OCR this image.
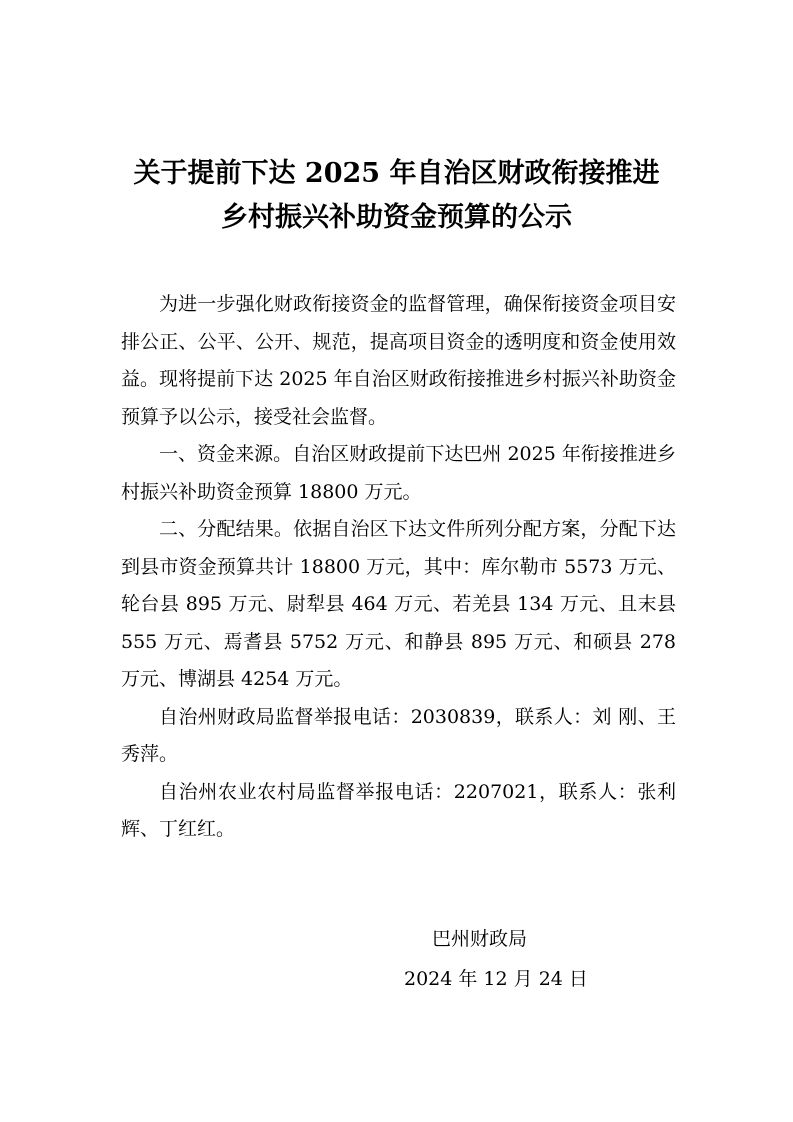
关于提前下达 2025 年自治区财政衔接推进
乡村振兴补助资金预算的公示

为进一步强化财政衔接资金的监督管理，确保衔接资金项目安排公正、公平、公开、规范，提高项目资金的透明度和资金使用效益。现将提前下达 2025 年自治区财政衔接推进乡村振兴补助资金预算予以公示，接受社会监督。

一、资金来源。自治区财政提前下达巴州 2025 年衔接推进乡村振兴补助资金预算 18800 万元。

二、分配结果。依据自治区下达文件所列分配方案，分配下达到县市资金预算共计 18800 万元，其中：库尔勒市 5573 万元、轮台县 895 万元、尉犁县 464 万元、若羌县 134 万元、且末县 555 万元、焉耆县 5752 万元、和静县 895 万元、和硕县 278 万元、博湖县 4254 万元。

自治州财政局监督举报电话：2030839，联系人：刘 刚、王秀萍。

自治州农业农村局监督举报电话：2207021，联系人：张利辉、丁红红。

巴州财政局
2024 年 12 月 24 日
